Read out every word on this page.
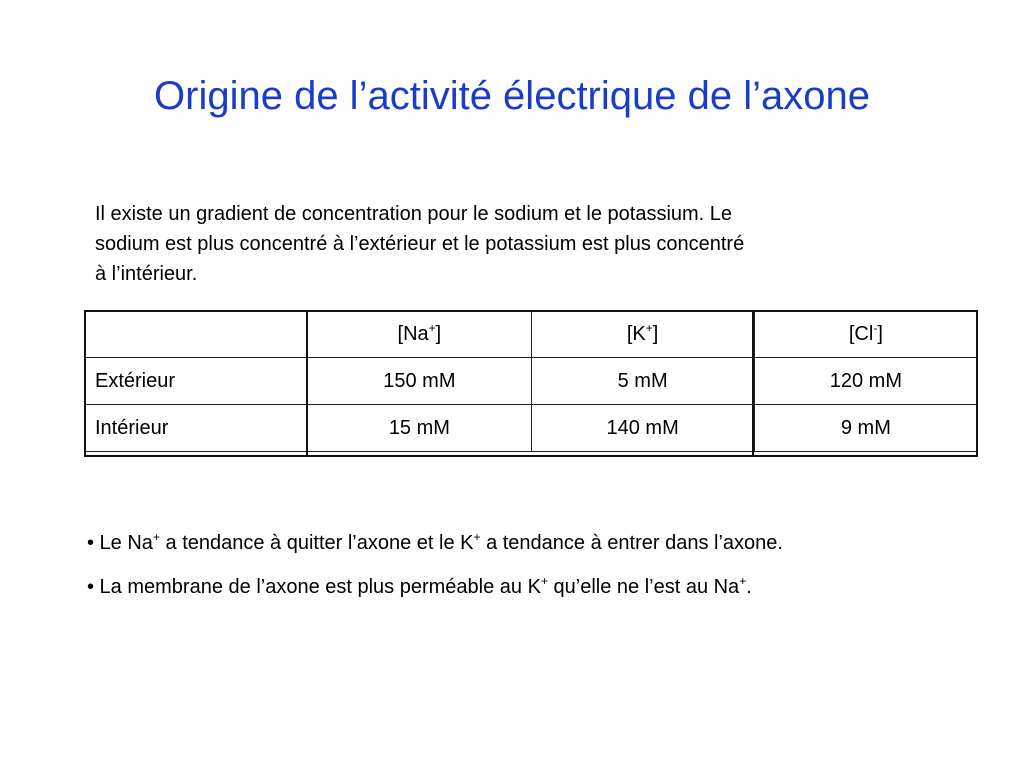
Origine de l’activité électrique de l’axone
Il existe un gradient de concentration pour le sodium et le potassium. Le
sodium est plus concentré à l’extérieur et le potassium est plus concentré
à l’intérieur.
	[Na+]	[K+]	[Cl-]
Extérieur	150 mM	5 mM	120 mM
Intérieur	15 mM	140 mM	9 mM
• Le Na+ a tendance à quitter l’axone et le K+ a tendance à entrer dans l’axone.
• La membrane de l’axone est plus perméable au K+ qu’elle ne l’est au Na+.
